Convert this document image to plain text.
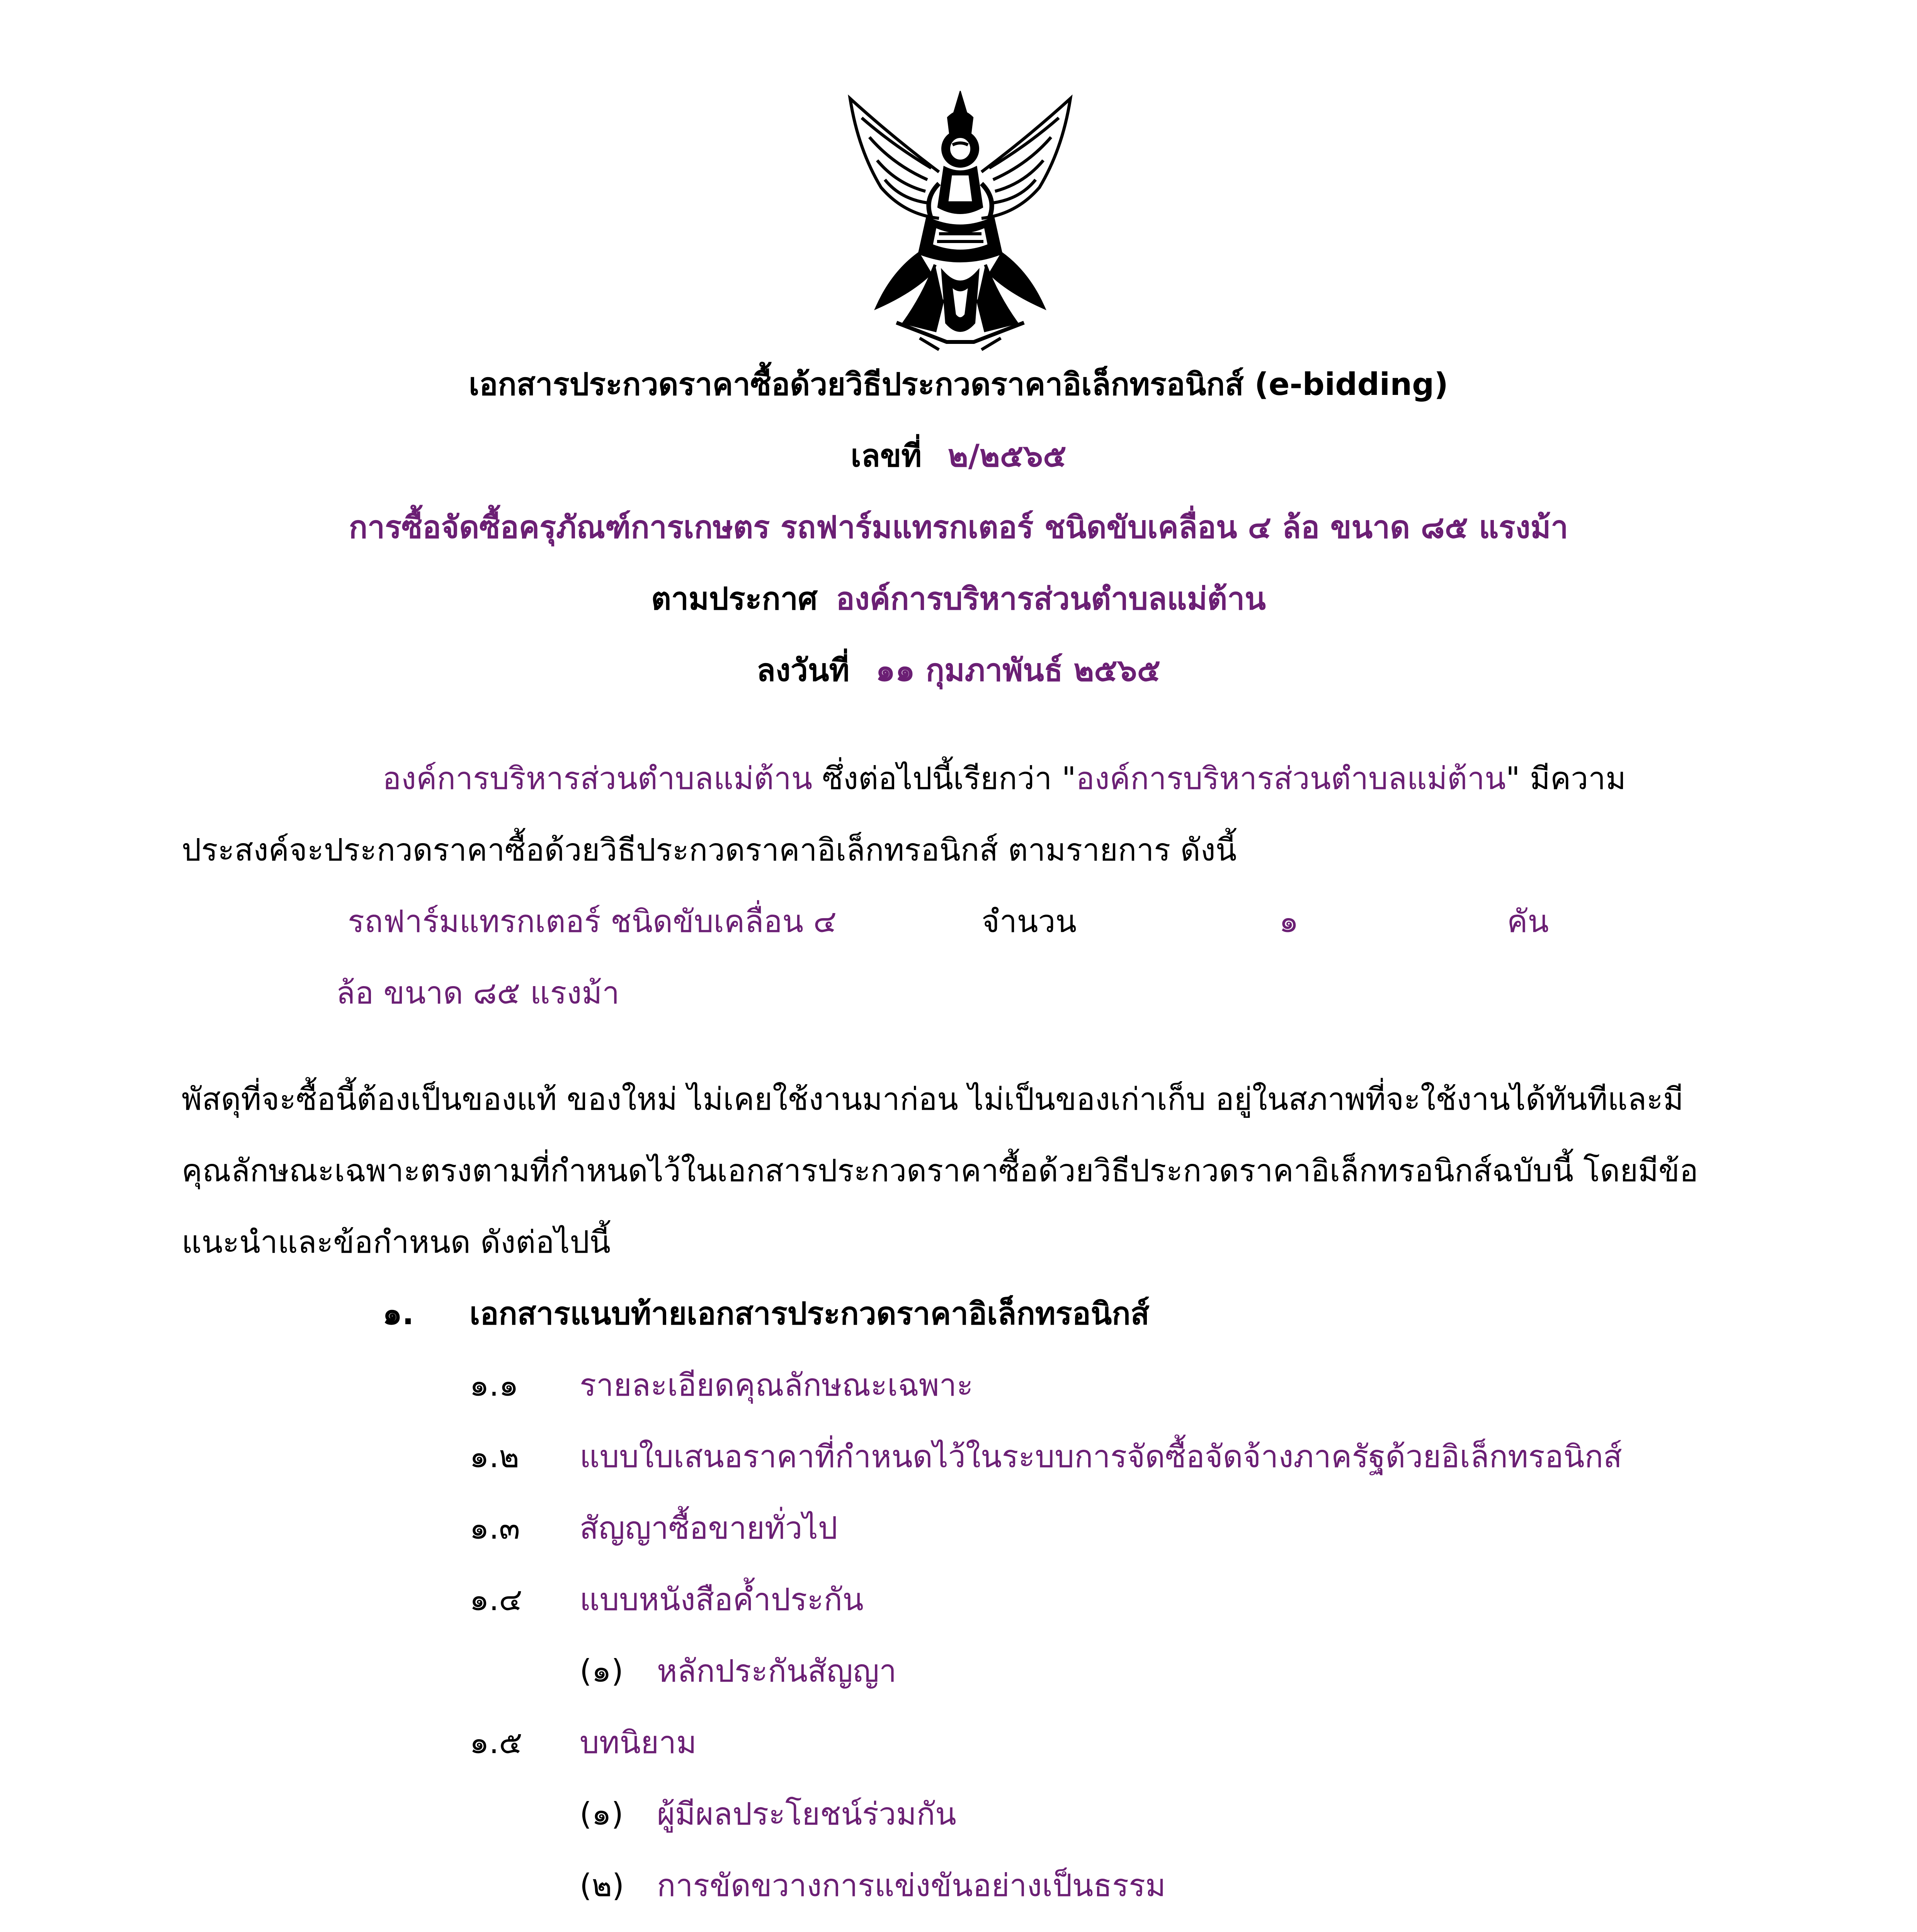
เอกสารประกวดราคาซื้อด้วยวิธีประกวดราคาอิเล็กทรอนิกส์ (e-bidding)
เลขที่ ๒/๒๕๖๕
การซื้อจัดซื้อครุภัณฑ์การเกษตร รถฟาร์มแทรกเตอร์ ชนิดขับเคลื่อน ๔ ล้อ ขนาด ๘๕ แรงม้า
ตามประกาศ องค์การบริหารส่วนตำบลแม่ต้าน
ลงวันที่ ๑๑ กุมภาพันธ์ ๒๕๖๕
องค์การบริหารส่วนตำบลแม่ต้าน ซึ่งต่อไปนี้เรียกว่า "องค์การบริหารส่วนตำบลแม่ต้าน" มีความ
ประสงค์จะประกวดราคาซื้อด้วยวิธีประกวดราคาอิเล็กทรอนิกส์ ตามรายการ ดังนี้
รถฟาร์มแทรกเตอร์ ชนิดขับเคลื่อน ๔	จำนวน	๑	คัน
ล้อ ขนาด ๘๕ แรงม้า
พัสดุที่จะซื้อนี้ต้องเป็นของแท้ ของใหม่ ไม่เคยใช้งานมาก่อน ไม่เป็นของเก่าเก็บ อยู่ในสภาพที่จะใช้งานได้ทันทีและมี
คุณลักษณะเฉพาะตรงตามที่กำหนดไว้ในเอกสารประกวดราคาซื้อด้วยวิธีประกวดราคาอิเล็กทรอนิกส์ฉบับนี้ โดยมีข้อ
แนะนำและข้อกำหนด ดังต่อไปนี้
๑. เอกสารแนบท้ายเอกสารประกวดราคาอิเล็กทรอนิกส์
๑.๑ รายละเอียดคุณลักษณะเฉพาะ
๑.๒ แบบใบเสนอราคาที่กำหนดไว้ในระบบการจัดซื้อจัดจ้างภาครัฐด้วยอิเล็กทรอนิกส์
๑.๓ สัญญาซื้อขายทั่วไป
๑.๔ แบบหนังสือค้ำประกัน
(๑) หลักประกันสัญญา
๑.๕ บทนิยาม
(๑) ผู้มีผลประโยชน์ร่วมกัน
(๒) การขัดขวางการแข่งขันอย่างเป็นธรรม
